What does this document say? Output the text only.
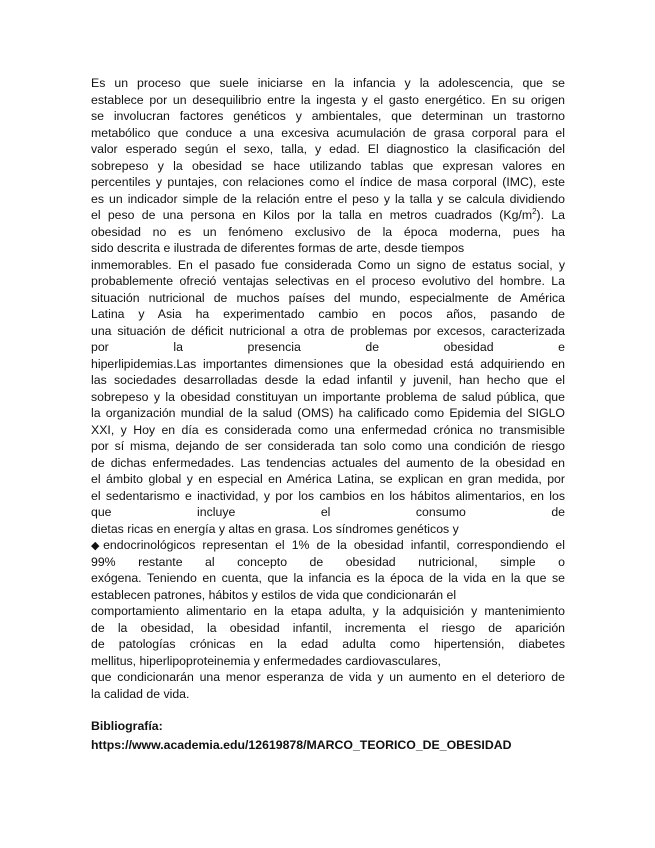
Es un proceso que suele iniciarse en la infancia y la adolescencia, que se
establece por un desequilibrio entre la ingesta y el gasto energético. En su origen
se involucran factores genéticos y ambientales, que determinan un trastorno
metabólico que conduce a una excesiva acumulación de grasa corporal para el
valor esperado según el sexo, talla, y edad. El diagnostico la clasificación del
sobrepeso y la obesidad se hace utilizando tablas que expresan valores en
percentiles y puntajes, con relaciones como el índice de masa corporal (IMC), este
es un indicador simple de la relación entre el peso y la talla y se calcula dividiendo
el peso de una persona en Kilos por la talla en metros cuadrados $(Kg/m^2)$. La
obesidad no es un fenómeno exclusivo de la época moderna, pues ha
sido descrita e ilustrada de diferentes formas de arte, desde tiempos
inmemorables. En el pasado fue considerada Como un signo de estatus social, y
probablemente ofreció ventajas selectivas en el proceso evolutivo del hombre. La
situación nutricional de muchos países del mundo, especialmente de América
Latina y Asia ha experimentado cambio en pocos años, pasando de
una situación de déficit nutricional a otra de problemas por excesos, caracterizada
por la presencia de obesidad e
hiperlipidemias.Las importantes dimensiones que la obesidad está adquiriendo en
las sociedades desarrolladas desde la edad infantil y juvenil, han hecho que el
sobrepeso y la obesidad constituyan un importante problema de salud pública, que
la organización mundial de la salud (OMS) ha calificado como Epidemia del SIGLO
XXI, y Hoy en día es considerada como una enfermedad crónica no transmisible
por sí misma, dejando de ser considerada tan solo como una condición de riesgo
de dichas enfermedades. Las tendencias actuales del aumento de la obesidad en
el ámbito global y en especial en América Latina, se explican en gran medida, por
el sedentarismo e inactividad, y por los cambios en los hábitos alimentarios, en los
que incluye el consumo de
dietas ricas en energía y altas en grasa. Los síndromes genéticos y
◆endocrinológicos representan el 1% de la obesidad infantil, correspondiendo el
99% restante al concepto de obesidad nutricional, simple o
exógena. Teniendo en cuenta, que la infancia es la época de la vida en la que se
establecen patrones, hábitos y estilos de vida que condicionarán el
comportamiento alimentario en la etapa adulta, y la adquisición y mantenimiento
de la obesidad, la obesidad infantil, incrementa el riesgo de aparición
de patologías crónicas en la edad adulta como hipertensión, diabetes
mellitus, hiperlipoproteinemia y enfermedades cardiovasculares,
que condicionarán una menor esperanza de vida y un aumento en el deterioro de
la calidad de vida.
Bibliografía:
https://www.academia.edu/12619878/MARCO_TEORICO_DE_OBESIDAD
